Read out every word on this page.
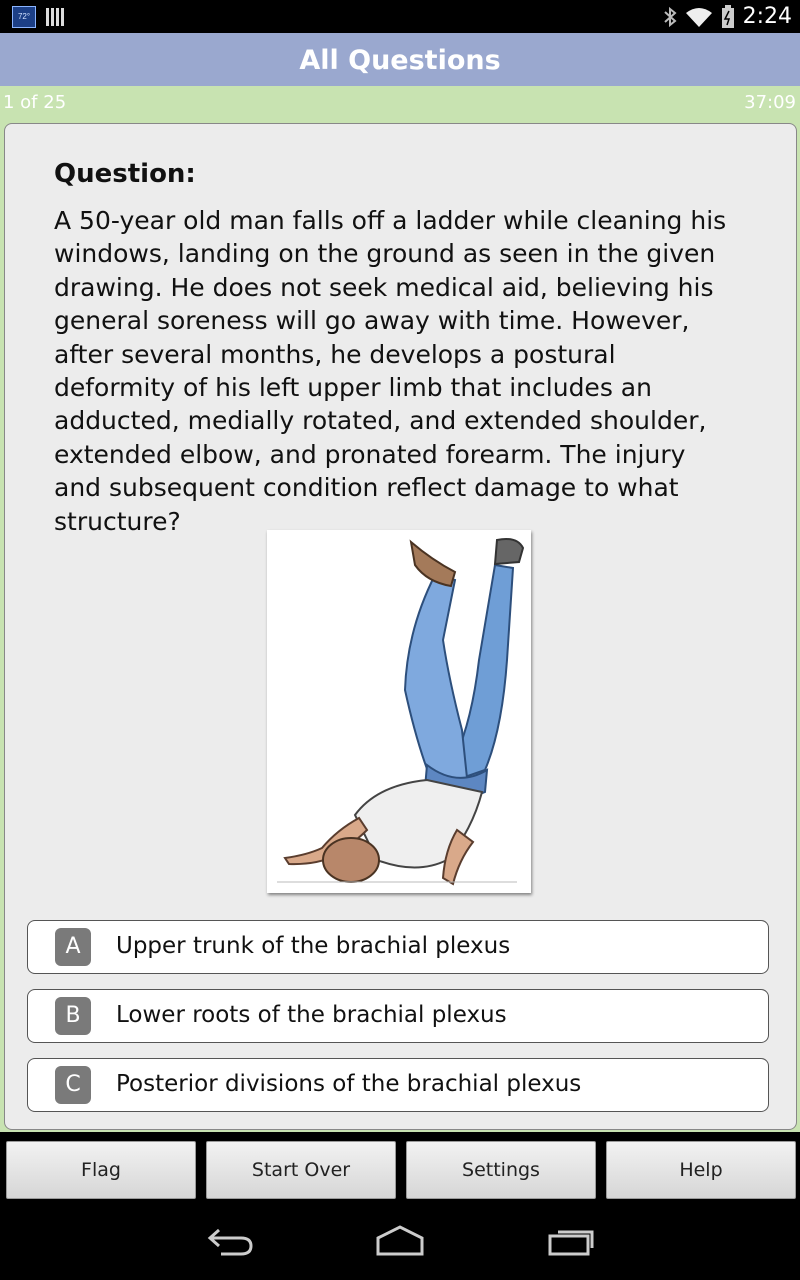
72°	2:24
All Questions
1 of 25	37:09
Question:
A 50-year old man falls off a ladder while cleaning his windows, landing on the ground as seen in the given drawing. He does not seek medical aid, believing his general soreness will go away with time. However, after several months, he develops a postural deformity of his left upper limb that includes an adducted, medially rotated, and extended shoulder, extended elbow, and pronated forearm. The injury and subsequent condition reflect damage to what structure?
A	Upper trunk of the brachial plexus
B	Lower roots of the brachial plexus
C	Posterior divisions of the brachial plexus
Flag	Start Over	Settings	Help
